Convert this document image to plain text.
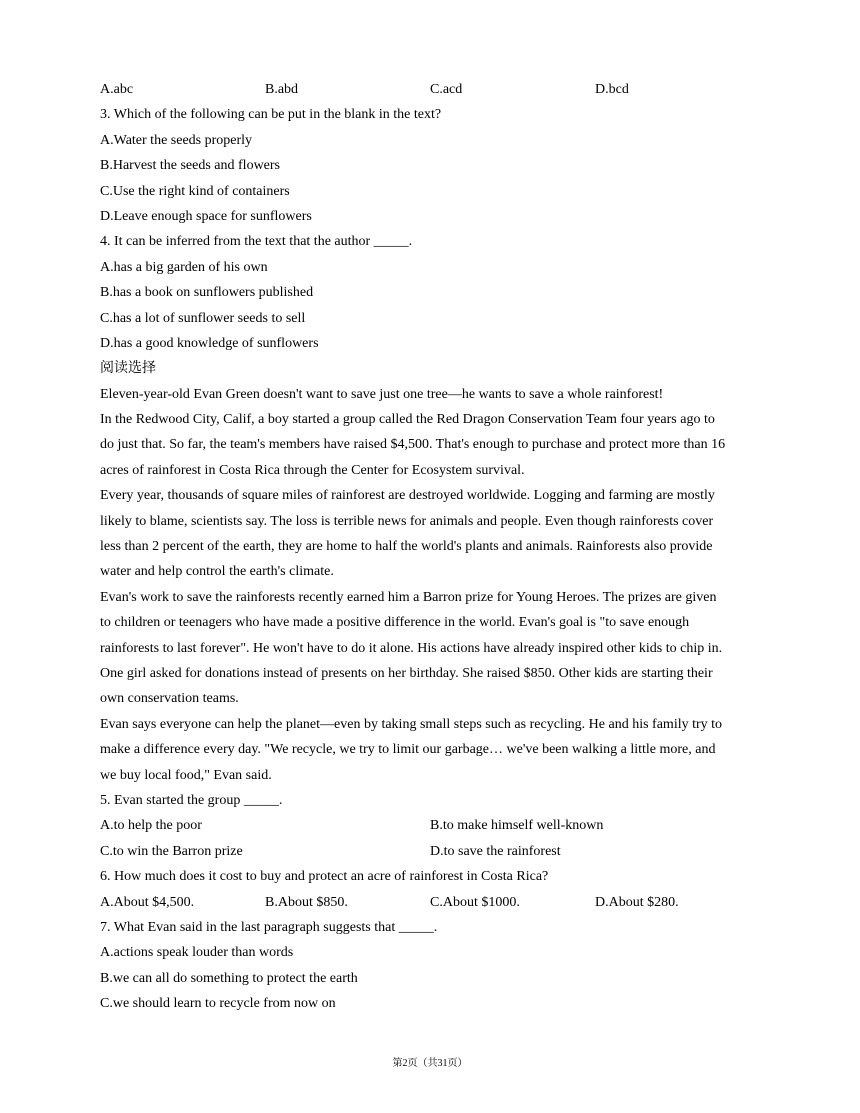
A.abc	B.abd	C.acd	D.bcd
3. Which of the following can be put in the blank in the text?
A.Water the seeds properly
B.Harvest the seeds and flowers
C.Use the right kind of containers
D.Leave enough space for sunflowers
4. It can be inferred from the text that the author _____.
A.has a big garden of his own
B.has a book on sunflowers published
C.has a lot of sunflower seeds to sell
D.has a good knowledge of sunflowers
阅读选择
Eleven-year-old Evan Green doesn't want to save just one tree—he wants to save a whole rainforest!
In the Redwood City, Calif, a boy started a group called the Red Dragon Conservation Team four years ago to
do just that. So far, the team's members have raised $4,500. That's enough to purchase and protect more than 16
acres of rainforest in Costa Rica through the Center for Ecosystem survival.
Every year, thousands of square miles of rainforest are destroyed worldwide. Logging and farming are mostly
likely to blame, scientists say. The loss is terrible news for animals and people. Even though rainforests cover
less than 2 percent of the earth, they are home to half the world's plants and animals. Rainforests also provide
water and help control the earth's climate.
Evan's work to save the rainforests recently earned him a Barron prize for Young Heroes. The prizes are given
to children or teenagers who have made a positive difference in the world. Evan's goal is "to save enough
rainforests to last forever". He won't have to do it alone. His actions have already inspired other kids to chip in.
One girl asked for donations instead of presents on her birthday. She raised $850. Other kids are starting their
own conservation teams.
Evan says everyone can help the planet—even by taking small steps such as recycling. He and his family try to
make a difference every day. "We recycle, we try to limit our garbage… we've been walking a little more, and
we buy local food," Evan said.
5. Evan started the group _____.
A.to help the poor	B.to make himself well-known
C.to win the Barron prize	D.to save the rainforest
6. How much does it cost to buy and protect an acre of rainforest in Costa Rica?
A.About $4,500.	B.About $850.	C.About $1000.	D.About $280.
7. What Evan said in the last paragraph suggests that _____.
A.actions speak louder than words
B.we can all do something to protect the earth
C.we should learn to recycle from now on
第2页（共31页）
